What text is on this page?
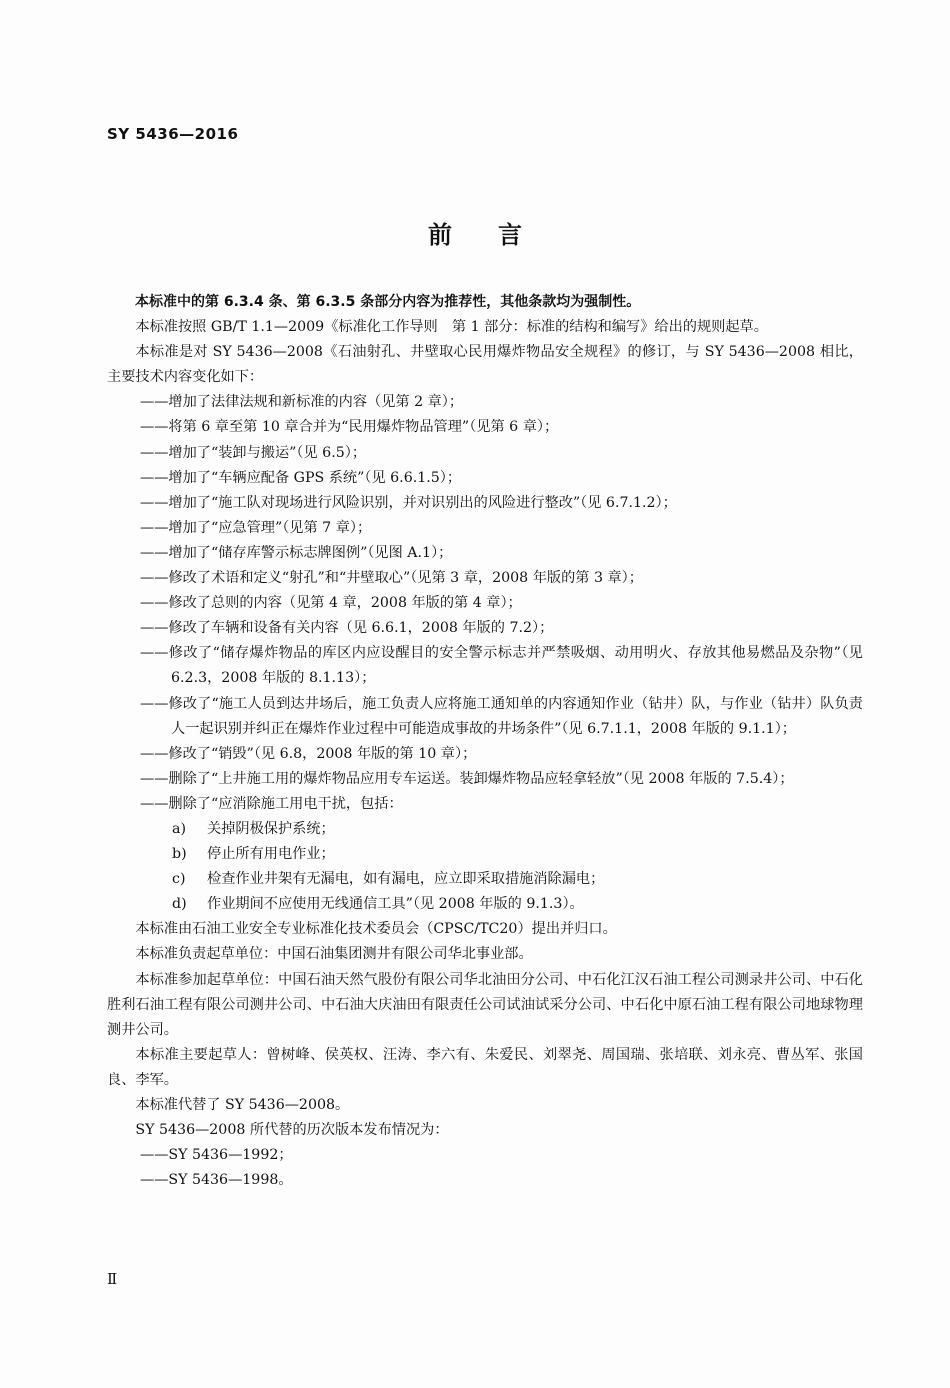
SY 5436—2016
前言

本标准中的第 6.3.4 条、第 6.3.5 条部分内容为推荐性，其他条款均为强制性。

本标准按照 GB/T 1.1—2009《标准化工作导则　第 1 部分：标准的结构和编写》给出的规则起草。

本标准是对 SY 5436—2008《石油射孔、井壁取心民用爆炸物品安全规程》的修订，与 SY 5436—2008 相比，主要技术内容变化如下：

——增加了法律法规和新标准的内容（见第 2 章）；

——将第 6 章至第 10 章合并为“民用爆炸物品管理”（见第 6 章）；

——增加了“装卸与搬运”（见 6.5）；

——增加了“车辆应配备 GPS 系统”（见 6.6.1.5）；

——增加了“施工队对现场进行风险识别，并对识别出的风险进行整改”（见 6.7.1.2）；

——增加了“应急管理”（见第 7 章）；

——增加了“储存库警示标志牌图例”（见图 A.1）；

——修改了术语和定义“射孔”和“井壁取心”（见第 3 章，2008 年版的第 3 章）；

——修改了总则的内容（见第 4 章，2008 年版的第 4 章）；

——修改了车辆和设备有关内容（见 6.6.1，2008 年版的 7.2）；

——修改了“储存爆炸物品的库区内应设醒目的安全警示标志并严禁吸烟、动用明火、存放其他易燃品及杂物”（见 6.2.3，2008 年版的 8.1.13）；

——修改了“施工人员到达井场后，施工负责人应将施工通知单的内容通知作业（钻井）队，与作业（钻井）队负责人一起识别并纠正在爆炸作业过程中可能造成事故的井场条件”（见 6.7.1.1，2008 年版的 9.1.1）；

——修改了“销毁”（见 6.8，2008 年版的第 10 章）；

——删除了“上井施工用的爆炸物品应用专车运送。装卸爆炸物品应轻拿轻放”（见 2008 年版的 7.5.4）；

——删除了“应消除施工用电干扰，包括：

a) 关掉阴极保护系统；

b) 停止所有用电作业；

c) 检查作业井架有无漏电，如有漏电，应立即采取措施消除漏电；

d) 作业期间不应使用无线通信工具”（见 2008 年版的 9.1.3）。

本标准由石油工业安全专业标准化技术委员会（CPSC/TC20）提出并归口。

本标准负责起草单位：中国石油集团测井有限公司华北事业部。

本标准参加起草单位：中国石油天然气股份有限公司华北油田分公司、中石化江汉石油工程公司测录井公司、中石化胜利石油工程有限公司测井公司、中石油大庆油田有限责任公司试油试采分公司、中石化中原石油工程有限公司地球物理测井公司。

本标准主要起草人：曾树峰、侯英权、汪涛、李六有、朱爱民、刘翠尧、周国瑞、张培联、刘永亮、曹丛军、张国良、李军。

本标准代替了 SY 5436—2008。

SY 5436—2008 所代替的历次版本发布情况为：

——SY 5436—1992；

——SY 5436—1998。

Ⅱ
